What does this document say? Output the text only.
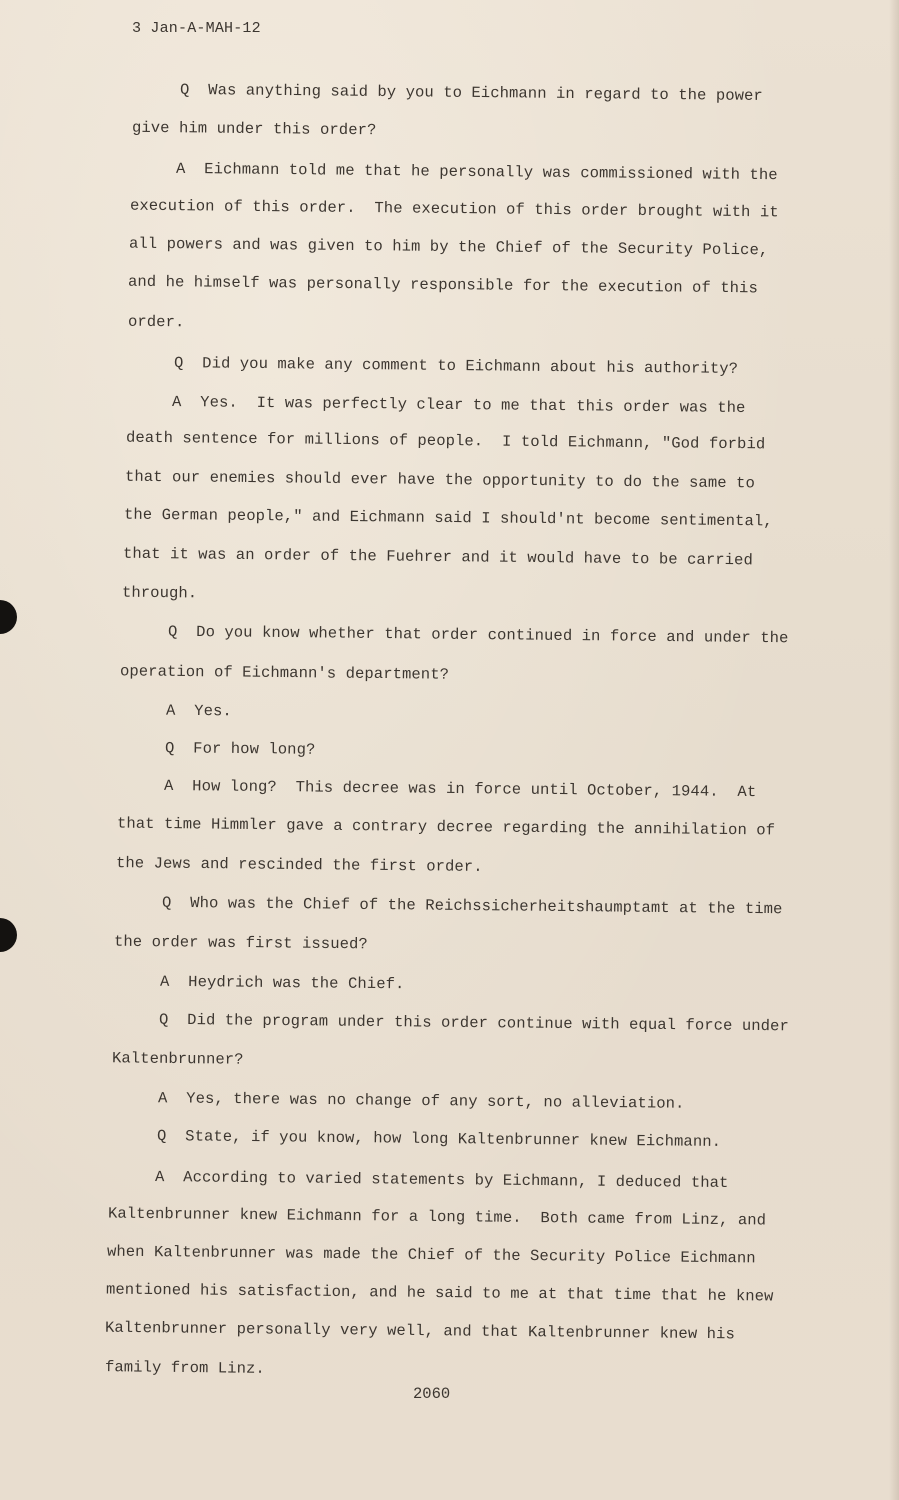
3 Jan-A-MAH-12
Q  Was anything said by you to Eichmann in regard to the power
give him under this order?
A  Eichmann told me that he personally was commissioned with the
execution of this order.  The execution of this order brought with it
all powers and was given to him by the Chief of the Security Police,
and he himself was personally responsible for the execution of this
order.
Q  Did you make any comment to Eichmann about his authority?
A  Yes.  It was perfectly clear to me that this order was the
death sentence for millions of people.  I told Eichmann, "God forbid
that our enemies should ever have the opportunity to do the same to
the German people," and Eichmann said I should'nt become sentimental,
that it was an order of the Fuehrer and it would have to be carried
through.
Q  Do you know whether that order continued in force and under the
operation of Eichmann's department?
A  Yes.
Q  For how long?
A  How long?  This decree was in force until October, 1944.  At
that time Himmler gave a contrary decree regarding the annihilation of
the Jews and rescinded the first order.
Q  Who was the Chief of the Reichssicherheitshaumptamt at the time
the order was first issued?
A  Heydrich was the Chief.
Q  Did the program under this order continue with equal force under
Kaltenbrunner?
A  Yes, there was no change of any sort, no alleviation.
Q  State, if you know, how long Kaltenbrunner knew Eichmann.
A  According to varied statements by Eichmann, I deduced that
Kaltenbrunner knew Eichmann for a long time.  Both came from Linz, and
when Kaltenbrunner was made the Chief of the Security Police Eichmann
mentioned his satisfaction, and he said to me at that time that he knew
Kaltenbrunner personally very well, and that Kaltenbrunner knew his
family from Linz.
2060
